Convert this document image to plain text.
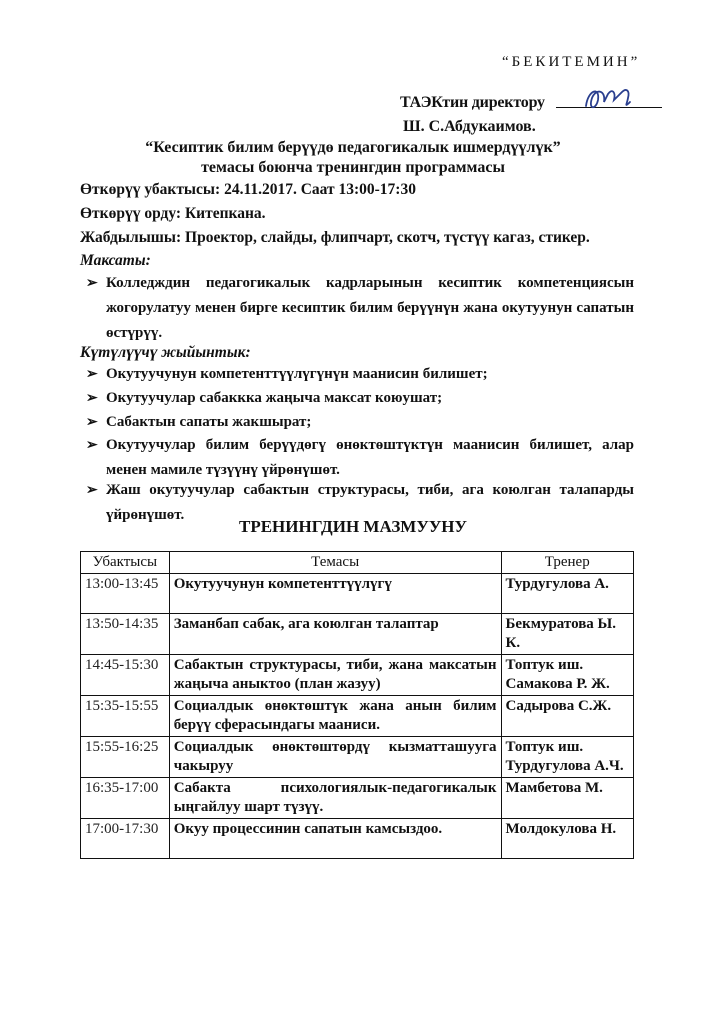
“БЕКИТЕМИН”
ТАЭКтин директору
Ш. С.Абдукаимов.
“Кесиптик билим берүүдө педагогикалык ишмердүүлүк”
темасы боюнча тренингдин программасы
Өткөрүү убактысы: 24.11.2017. Саат 13:00-17:30
Өткөрүү орду: Китепкана.
Жабдылышы: Проектор, слайды, флипчарт, скотч, түстүү кагаз, стикер.
Максаты:
➢ Колледждин педагогикалык кадрларынын кесиптик компетенциясын жогорулатуу менен бирге кесиптик билим берүүнүн жана окутуунун сапатын өстүрүү.
Күтүлүүчү жыйынтык:
➢ Окутуучунун компетенттүүлүгүнүн маанисин билишет;
➢ Окутуучулар сабаккка жаңыча максат коюушат;
➢ Сабактын сапаты жакшырат;
➢ Окутуучулар билим берүүдөгү өнөктөштүктүн маанисин билишет, алар менен мамиле түзүүнү үйрөнүшөт.
➢ Жаш окутуучулар сабактын структурасы, тиби, ага коюлган талапарды үйрөнүшөт.
ТРЕНИНГДИН МАЗМУУНУ
Убактысы	Темасы	Тренер
13:00-13:45	Окутуучунун компетенттүүлүгү	Турдугулова А.
13:50-14:35	Заманбап сабак, ага коюлган талаптар	Бекмуратова Ы. К.
14:45-15:30	Сабактын структурасы, тиби, жана максатын жаңыча аныктоо (план жазуу)	Топтук иш. Самакова Р. Ж.
15:35-15:55	Социалдык өнөктөштүк жана анын билим берүү сферасындагы мааниси.	Садырова С.Ж.
15:55-16:25	Социалдык өнөктөштөрдү кызматташууга чакыруу	Топтук иш. Турдугулова А.Ч.
16:35-17:00	Сабакта психологиялык-педагогикалык ыңгайлуу шарт түзүү.	Мамбетова М.
17:00-17:30	Окуу процессинин сапатын камсыздоо.	Молдокулова Н.
